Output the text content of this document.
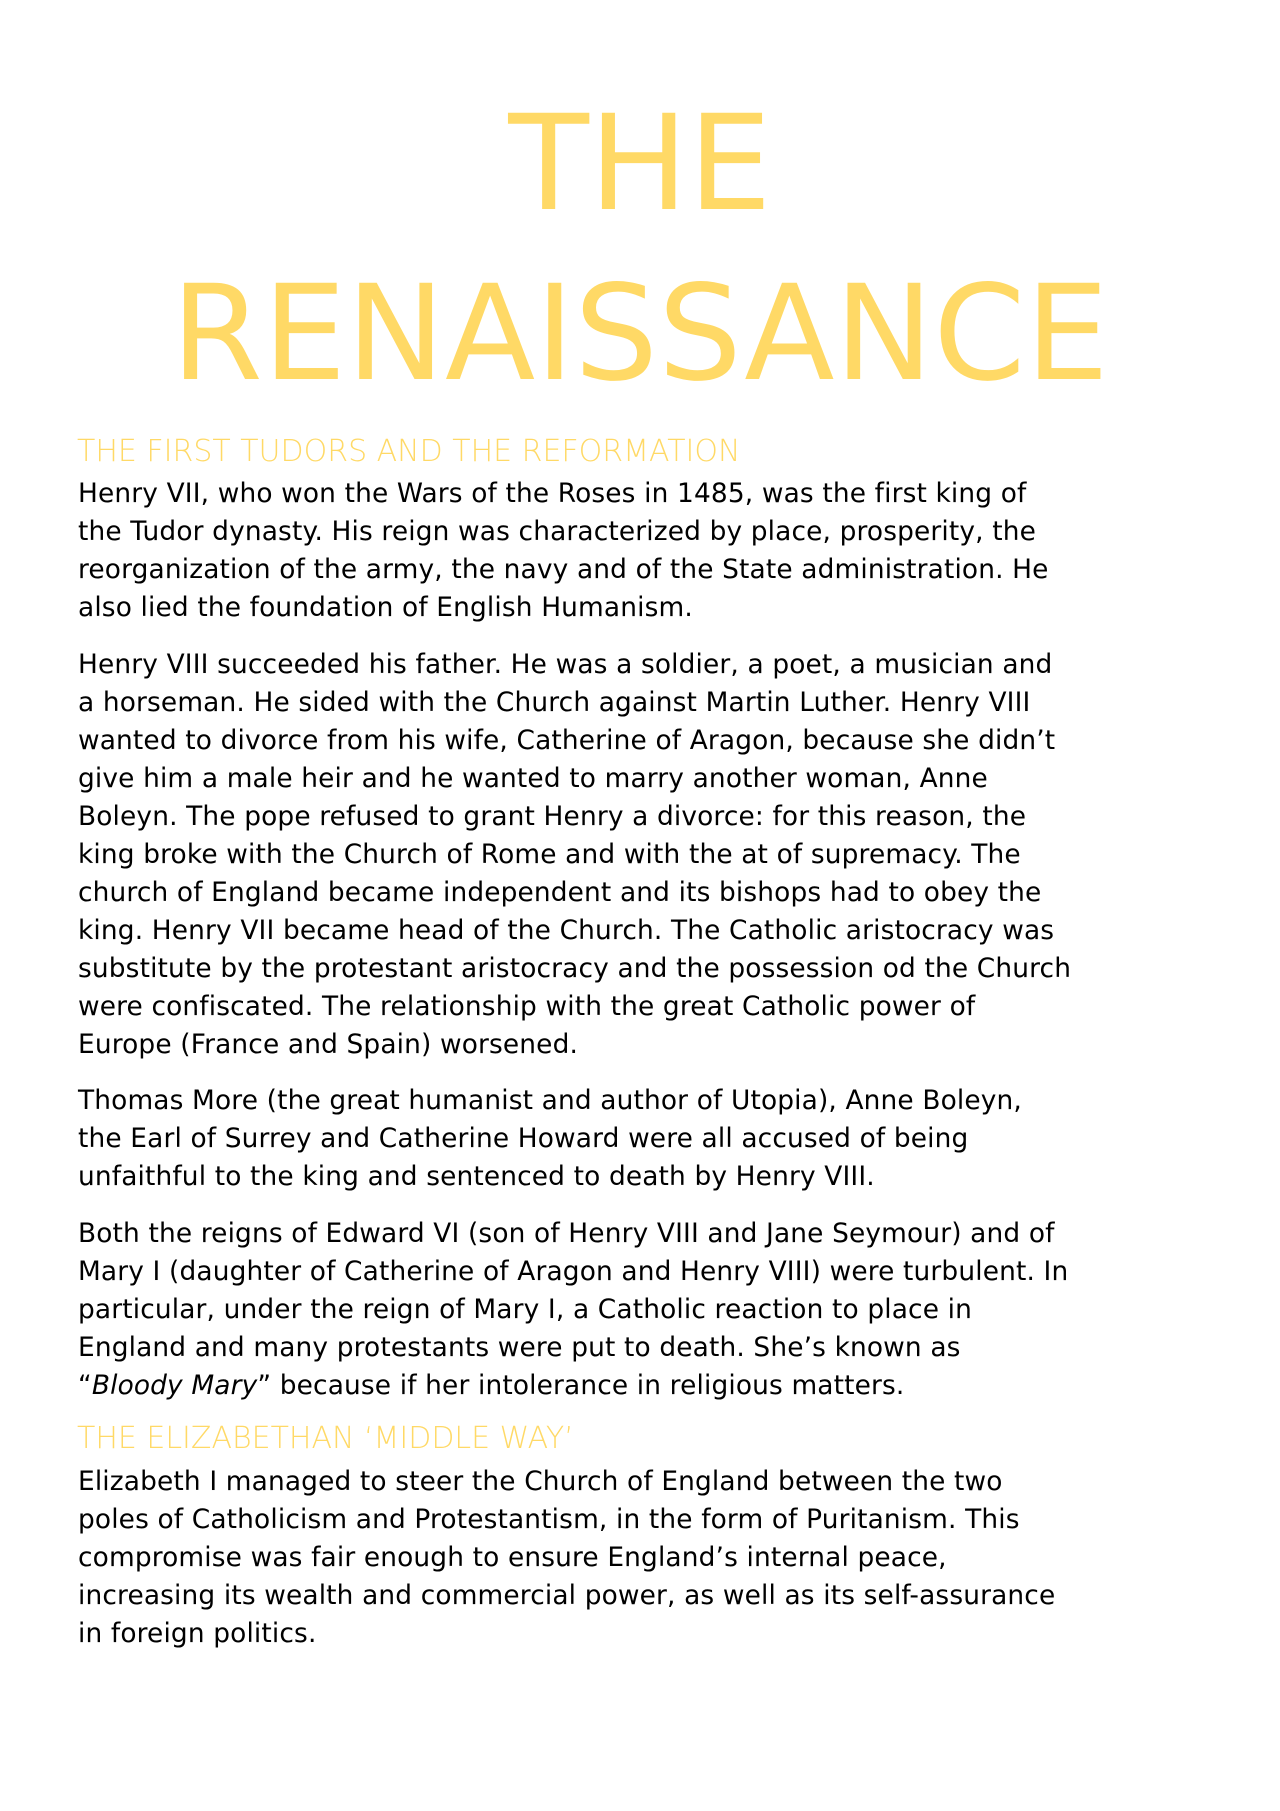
THE
RENAISSANCE
THE FIRST TUDORS AND THE REFORMATION

Henry VII, who won the Wars of the Roses in 1485, was the first king of
the Tudor dynasty. His reign was characterized by place, prosperity, the
reorganization of the army, the navy and of the State administration. He
also lied the foundation of English Humanism.

Henry VIII succeeded his father. He was a soldier, a poet, a musician and
a horseman. He sided with the Church against Martin Luther. Henry VIII
wanted to divorce from his wife, Catherine of Aragon, because she didn’t
give him a male heir and he wanted to marry another woman, Anne
Boleyn. The pope refused to grant Henry a divorce: for this reason, the
king broke with the Church of Rome and with the at of supremacy. The
church of England became independent and its bishops had to obey the
king. Henry VII became head of the Church. The Catholic aristocracy was
substitute by the protestant aristocracy and the possession od the Church
were confiscated. The relationship with the great Catholic power of
Europe (France and Spain) worsened.

Thomas More (the great humanist and author of Utopia), Anne Boleyn,
the Earl of Surrey and Catherine Howard were all accused of being
unfaithful to the king and sentenced to death by Henry VIII.

Both the reigns of Edward VI (son of Henry VIII and Jane Seymour) and of
Mary I (daughter of Catherine of Aragon and Henry VIII) were turbulent. In
particular, under the reign of Mary I, a Catholic reaction to place in
England and many protestants were put to death. She’s known as
“Bloody Mary” because if her intolerance in religious matters.

THE ELIZABETHAN ‘MIDDLE WAY’

Elizabeth I managed to steer the Church of England between the two
poles of Catholicism and Protestantism, in the form of Puritanism. This
compromise was fair enough to ensure England’s internal peace,
increasing its wealth and commercial power, as well as its self-assurance
in foreign politics.
